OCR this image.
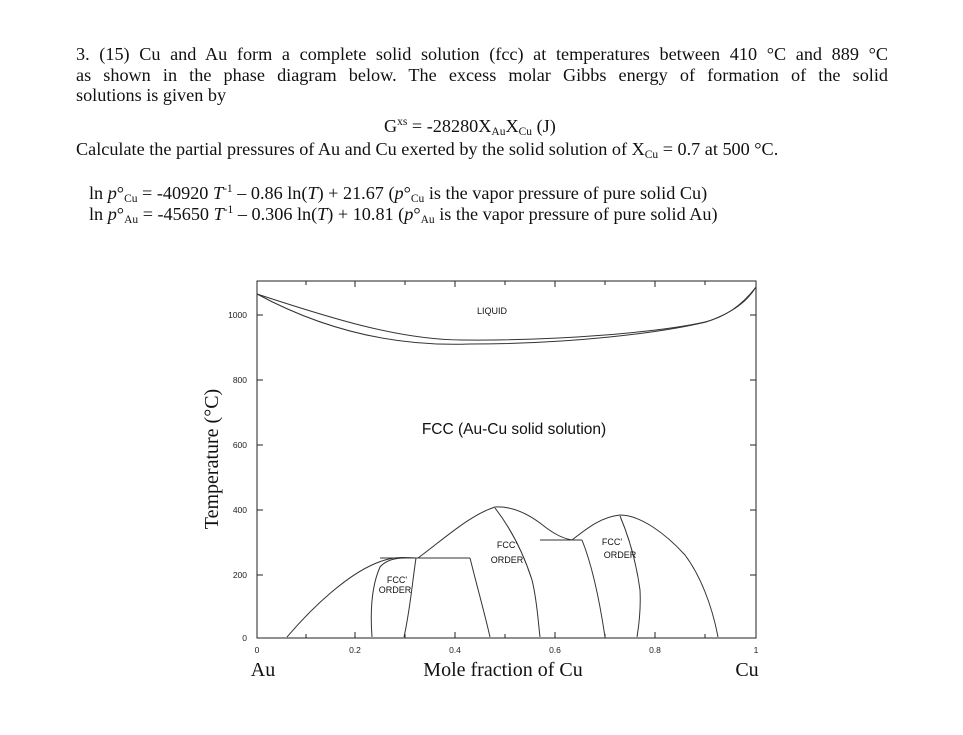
3. (15) Cu and Au form a complete solid solution (fcc) at temperatures between 410 °C and 889 °C
as shown in the phase diagram below. The excess molar Gibbs energy of formation of the solid
solutions is given by
$G^{xs} = -28280X_{Au}X_{Cu}$ (J)
Calculate the partial pressures of Au and Cu exerted by the solid solution of $X_{Cu} = 0.7$ at 500 °C.
$\ln p^\circ_{Cu} = -40920$ $T^{-1} - 0.86$ ln(T) + 21.67 ($p^\circ_{Cu}$ is the vapor pressure of pure solid Cu)
$\ln p^\circ_{Au} = -45650$ $T^{-1} - 0.306$ ln(T) + 10.81 ($p^\circ_{Au}$ is the vapor pressure of pure solid Au)
0
200
400
600
800
1000
0	0.2	0.4	0.6	0.8	1
LIQUID
FCC (Au-Cu solid solution)
FCC'
ORDER
FCC'
ORDER
FCC'
ORDER
Temperature (°C)
Mole fraction of Cu
Au	Cu
